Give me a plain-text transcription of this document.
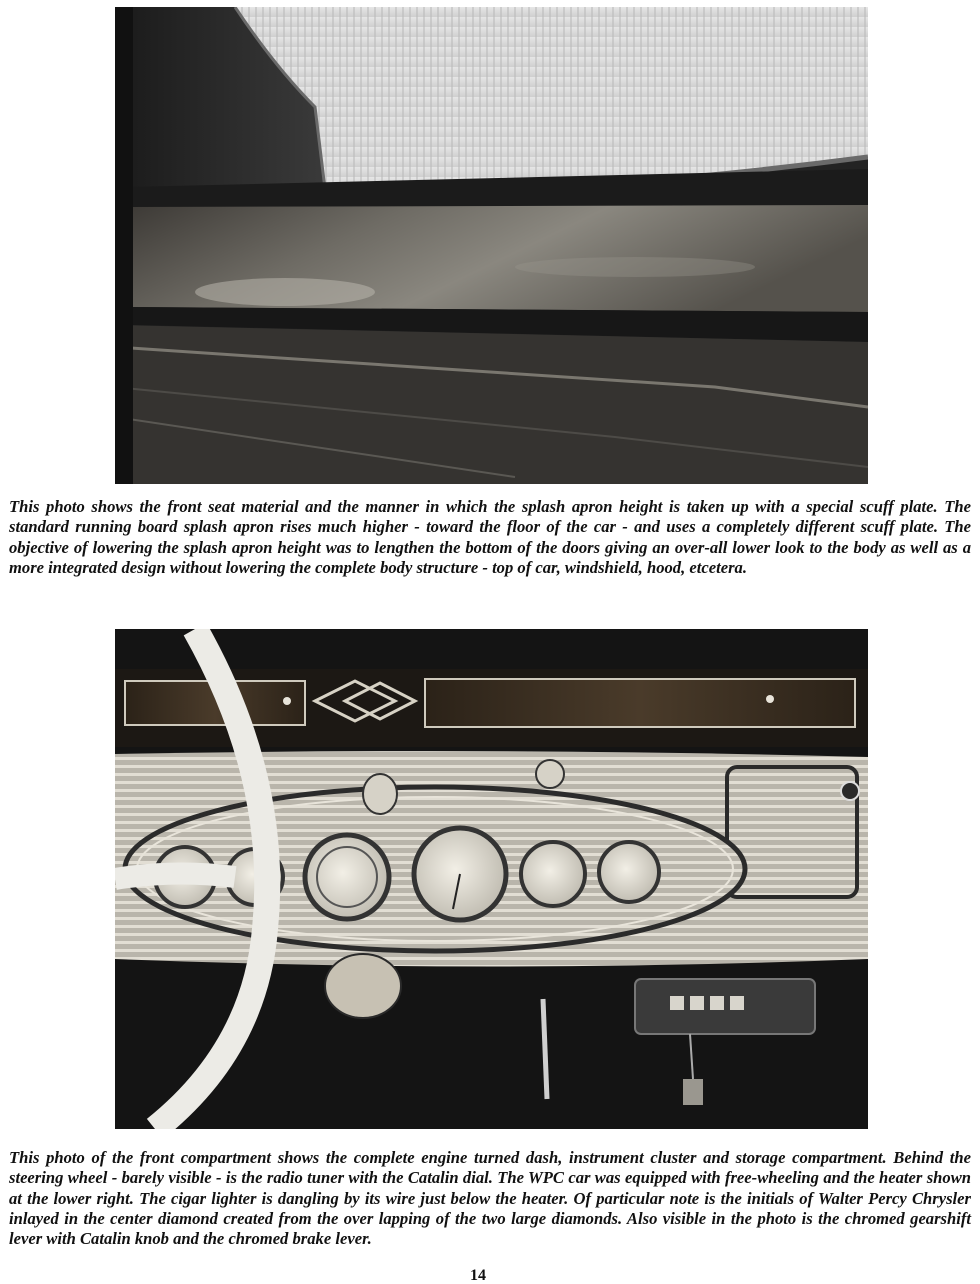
This photo shows the front seat material and the manner in which the splash apron height is taken up with a special scuff plate. The standard running board splash apron rises much higher - toward the floor of the car - and uses a completely different scuff plate. The objective of lowering the splash apron height was to lengthen the bottom of the doors giving an over-all lower look to the body as well as a more integrated design without lowering the complete body structure - top of car, windshield, hood, etcetera.

This photo of the front compartment shows the complete engine turned dash, instrument cluster and storage compartment. Behind the steering wheel - barely visible - is the radio tuner with the Catalin dial. The WPC car was equipped with free-wheeling and the heater shown at the lower right. The cigar lighter is dangling by its wire just below the heater. Of particular note is the initials of Walter Percy Chrysler inlayed in the center diamond created from the over lapping of the two large diamonds. Also visible in the photo is the chromed gearshift lever with Catalin knob and the chromed brake lever.

14
